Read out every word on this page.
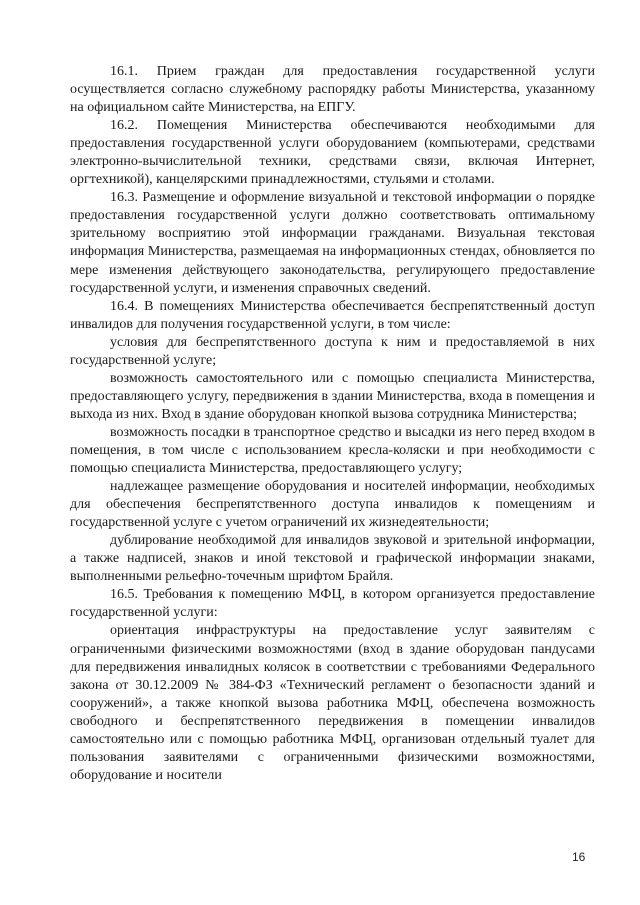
16.1. Прием граждан для предоставления государственной услуги осуществляется согласно служебному распорядку работы Министерства, указанному на официальном сайте Министерства, на ЕПГУ.

16.2. Помещения Министерства обеспечиваются необходимыми для предоставления государственной услуги оборудованием (компьютерами, средствами электронно-вычислительной техники, средствами связи, включая Интернет, оргтехникой), канцелярскими принадлежностями, стульями и столами.

16.3. Размещение и оформление визуальной и текстовой информации о порядке предоставления государственной услуги должно соответствовать оптимальному зрительному восприятию этой информации гражданами. Визуальная текстовая информация Министерства, размещаемая на информационных стендах, обновляется по мере изменения действующего законодательства, регулирующего предоставление государственной услуги, и изменения справочных сведений.

16.4. В помещениях Министерства обеспечивается беспрепятственный доступ инвалидов для получения государственной услуги, в том числе:

условия для беспрепятственного доступа к ним и предоставляемой в них государственной услуге;

возможность самостоятельного или с помощью специалиста Министерства, предоставляющего услугу, передвижения в здании Министерства, входа в помещения и выхода из них. Вход в здание оборудован кнопкой вызова сотрудника Министерства;

возможность посадки в транспортное средство и высадки из него перед входом в помещения, в том числе с использованием кресла-коляски и при необходимости с помощью специалиста Министерства, предоставляющего услугу;

надлежащее размещение оборудования и носителей информации, необходимых для обеспечения беспрепятственного доступа инвалидов к помещениям и государственной услуге с учетом ограничений их жизнедеятельности;

дублирование необходимой для инвалидов звуковой и зрительной информации, а также надписей, знаков и иной текстовой и графической информации знаками, выполненными рельефно-точечным шрифтом Брайля.

16.5. Требования к помещению МФЦ, в котором организуется предоставление государственной услуги:

ориентация инфраструктуры на предоставление услуг заявителям с ограниченными физическими возможностями (вход в здание оборудован пандусами для передвижения инвалидных колясок в соответствии с требованиями Федерального закона от 30.12.2009 № 384-ФЗ «Технический регламент о безопасности зданий и сооружений», а также кнопкой вызова работника МФЦ, обеспечена возможность свободного и беспрепятственного передвижения в помещении инвалидов самостоятельно или с помощью работника МФЦ, организован отдельный туалет для пользования заявителями с ограниченными физическими возможностями, оборудование и носители

16
